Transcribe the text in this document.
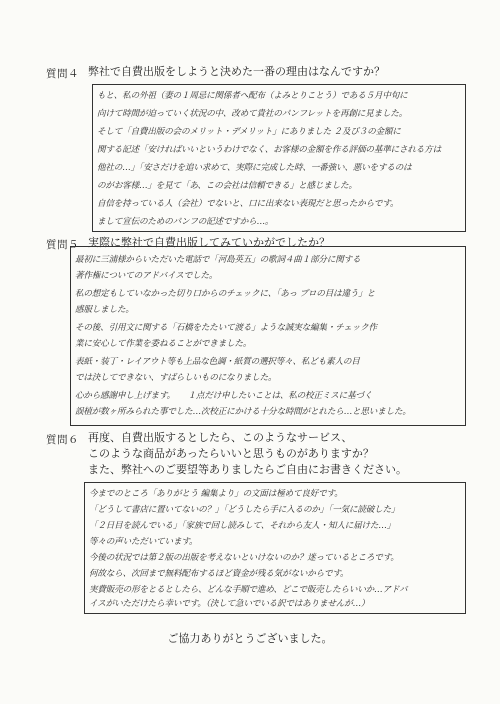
質問４ 弊社で自費出版をしようと決めた一番の理由はなんですか？
もと、私の外祖（妻の１周忌に関係者へ配布（よみとりことう）である５月中旬に
向けて時間が迫っていく状況の中、改めて貴社のパンフレットを再創に見ました。
そして「自費出版の会のメリット・デメリット」にありました ２及び３の金額に
関する記述「安ければいいというわけでなく、お客様の金額を作る評価の基準にされる方は
他社の…」「安さだけを追い求めて、実際に完成した時、一番強い、悪いをするのは
のがお客様…」を見て「あ、この会社は信頼できる」と感じました。
自信を持っている人（会社）でないと、口に出来ない表現だと思ったからです。
まして宣伝のためのパンフの記述ですから…。
質問５ 実際に弊社で自費出版してみていかがでしたか？
最初に三浦様からいただいた電話で「河島英五」の歌詞４曲１部分に関する
著作権についてのアドバイスでした。
私の想定もしていなかった切り口からのチェックに、「あっ プロの目は違う」と
感服しました。
その後、引用文に関する「石橋をたたいて渡る」ような誠実な編集・チェック作
業に安心して作業を委ねることができました。
表紙・装丁・レイアウト等も上品な色調・紙質の選択等々、私ども素人の目
では決してできない、すばらしいものになりました。
心から感謝申し上げます。　　１点だけ申したいことは、私の校正ミスに基づく
誤植が数ヶ所みられた事でした…次校正にかける十分な時間がとれたら…と思いました。
質問６ 再度、自費出版するとしたら、このようなサービス、
このような商品があったらいいと思うものがありますか？
また、弊社へのご要望等ありましたらご自由にお書きください。
今までのところ「ありがとう 編集より」の文面は極めて良好です。
「どうして書店に置いてないの？」「どうしたら手に入るのか」「一気に読破した」
「２日目を読んでいる」「家族で回し読みして、それから友人・知人に届けた…」
等々の声いただいています。
今後の状況では第２版の出版を考えないといけないのか？迷っているところです。
何故なら、次回まで無料配布するほど資金が残る気がないからです。
実費販売の形をとるとしたら、どんな手順で進め、どこで販売したらいいか…アドバ
イスがいただけたら幸いです。（決して急いでいる訳ではありませんが…）
ご協力ありがとうございました。
